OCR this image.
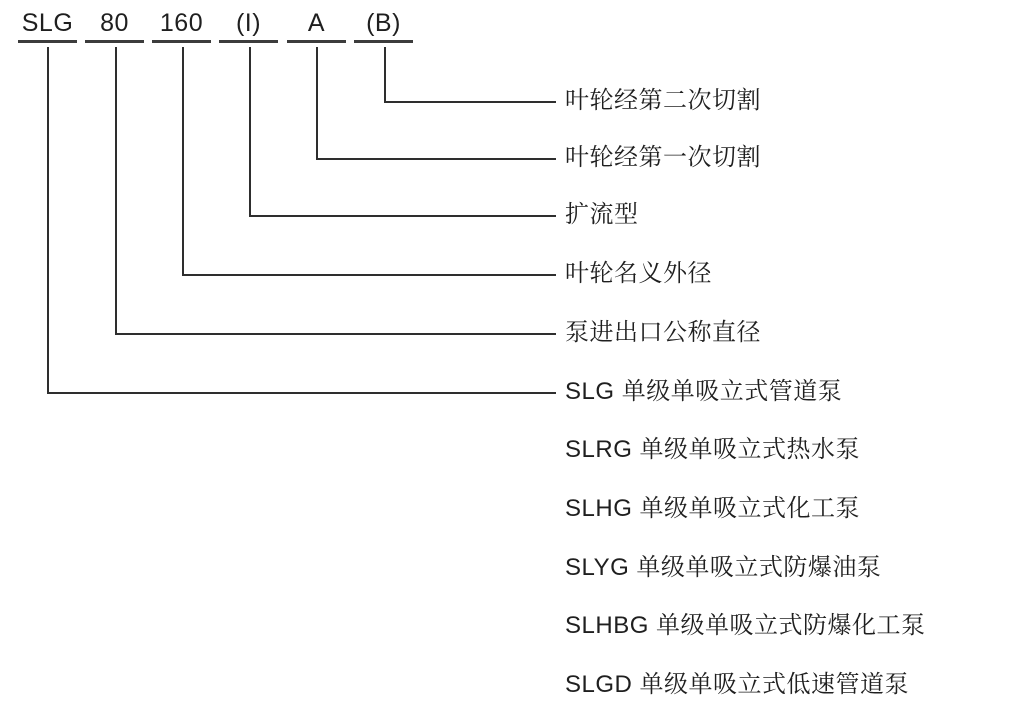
SLG 80 160 (I) A (B)
叶轮经第二次切割
叶轮经第一次切割
扩流型
叶轮名义外径
泵进出口公称直径
SLG 单级单吸立式管道泵
SLRG 单级单吸立式热水泵
SLHG 单级单吸立式化工泵
SLYG 单级单吸立式防爆油泵
SLHBG 单级单吸立式防爆化工泵
SLGD 单级单吸立式低速管道泵
